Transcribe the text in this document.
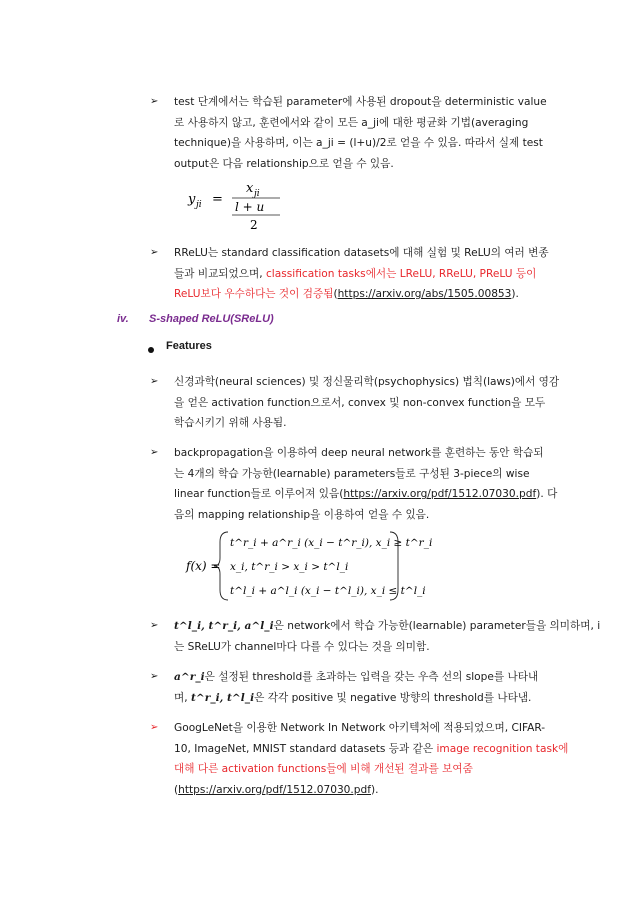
➢ test 단계에서는 학습된 parameter에 사용된 dropout을 deterministic value
로 사용하지 않고, 훈련에서와 같이 모든 a_ji에 대한 평균화 기법(averaging
technique)을 사용하며, 이는 a_ji = (l+u)/2로 얻을 수 있음. 따라서 실제 test
output은 다음 relationship으로 얻을 수 있음.
y ji =
x ji
l + u
2
➢ RReLU는 standard classification datasets에 대해 실험 및 ReLU의 여러 변종
들과 비교되었으며, classification tasks에서는 LReLU, RReLU, PReLU 등이
ReLU보다 우수하다는 것이 검증됨(https://arxiv.org/abs/1505.00853).
iv. S-shaped ReLU(SReLU)
Features
➢ 신경과학(neural sciences) 및 정신물리학(psychophysics) 법칙(laws)에서 영감
을 얻은 activation function으로서, convex 및 non-convex function을 모두
학습시키기 위해 사용됨.
➢ backpropagation을 이용하여 deep neural network를 훈련하는 동안 학습되
는 4개의 학습 가능한(learnable) parameters들로 구성된 3-piece의 wise
linear function들로 이루어져 있음(https://arxiv.org/pdf/1512.07030.pdf). 다
음의 mapping relationship을 이용하여 얻을 수 있음.
f(x) =
t^r_i + a^r_i (x_i − t^r_i), x_i ≥ t^r_i
x_i, t^r_i > x_i > t^l_i
t^l_i + a^l_i (x_i − t^l_i), x_i ≤ t^l_i
➢ t^l_i, t^r_i, a^l_i은 network에서 학습 가능한(learnable) parameter들을 의미하며, i
는 SReLU가 channel마다 다를 수 있다는 것을 의미함.
➢ a^r_i은 설정된 threshold를 초과하는 입력을 갖는 우측 선의 slope를 나타내
며, t^r_i, t^l_i은 각각 positive 및 negative 방향의 threshold를 나타냄.
➢ GoogLeNet을 이용한 Network In Network 아키텍처에 적용되었으며, CIFAR-
10, ImageNet, MNIST standard datasets 등과 같은 image recognition task에
대해 다른 activation functions들에 비해 개선된 결과를 보여줌
(https://arxiv.org/pdf/1512.07030.pdf).
